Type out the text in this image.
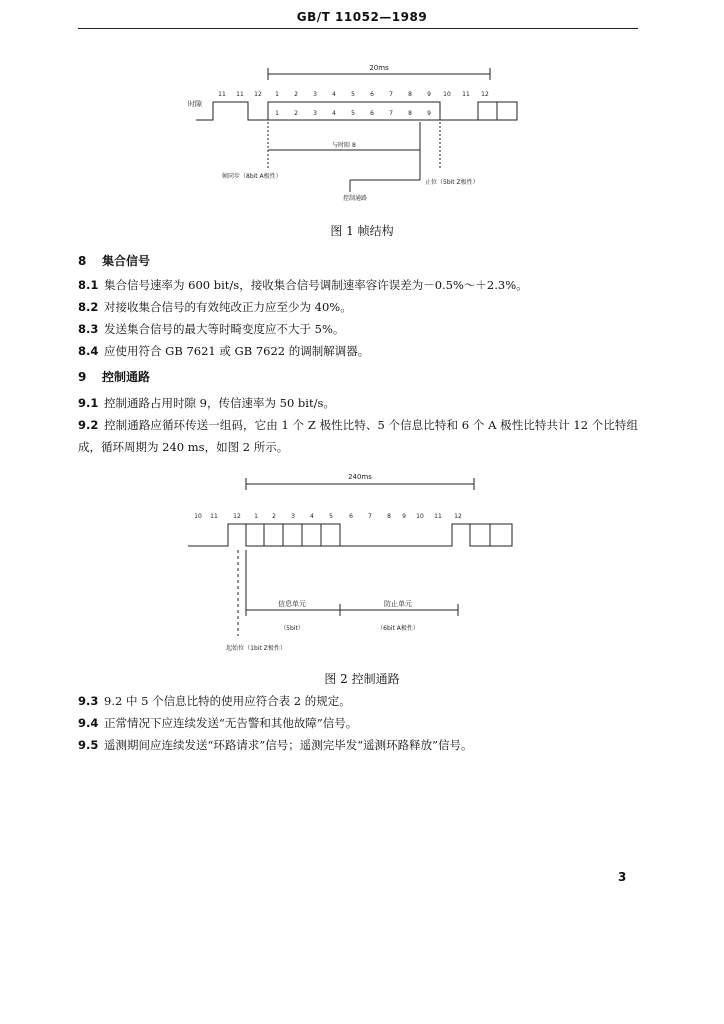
GB/T 11052—1989
20ms
时隙
11 11 12 1	2	3	4	5	6	7	8	9 10 11 12
1	2	3	4	5	6	7	8	9
与时隙 8
帧同步（8bit A极性）
控制通路
止位（5bit Z极性）
图 1 帧结构
8 集合信号
8.1 集合信号速率为 600 bit/s，接收集合信号调制速率容许误差为－0.5%～＋2.3%。
8.2 对接收集合信号的有效纯改正力应至少为 40%。
8.3 发送集合信号的最大等时畸变度应不大于 5%。
8.4 应使用符合 GB 7621 或 GB 7622 的调制解调器。
9 控制通路
9.1 控制通路占用时隙 9，传信速率为 50 bit/s。
9.2 控制通路应循环传送一组码，它由 1 个 Z 极性比特、5 个信息比特和 6 个 A 极性比特共计 12 个比特组成，循环周期为 240 ms，如图 2 所示。
240ms
10 11	12 1 2	3	4	5	6	7	8 9 10 11 12
信息单元
（5bit）
防止单元
（6bit A极性）
起始位（1bit Z极性）
图 2 控制通路
9.3 9.2 中 5 个信息比特的使用应符合表 2 的规定。
9.4 正常情况下应连续发送“无告警和其他故障”信号。
9.5 遥测期间应连续发送“环路请求”信号；遥测完毕发“遥测环路释放”信号。
3
